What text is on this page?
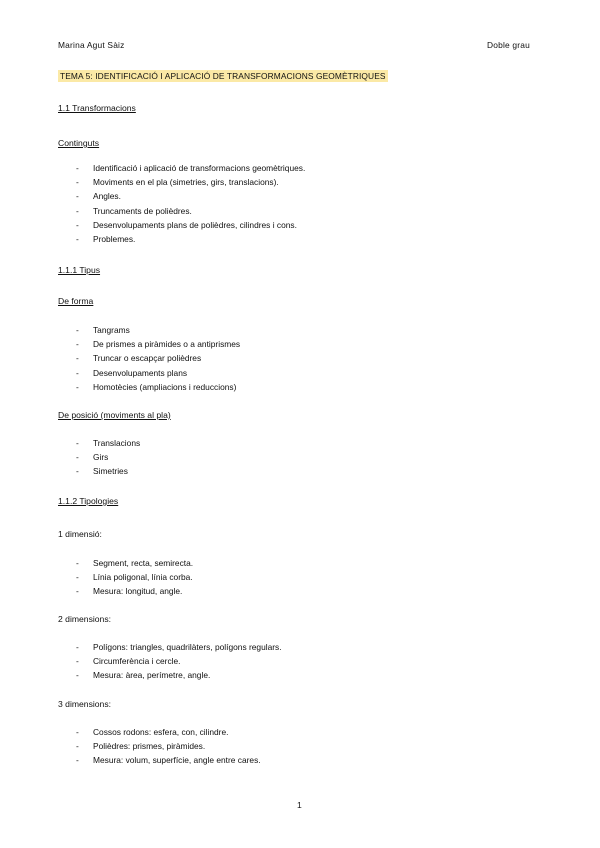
Marina Agut Sàiz	Doble grau
TEMA 5: IDENTIFICACIÓ I APLICACIÓ DE TRANSFORMACIONS GEOMÈTRIQUES
1.1 Transformacions
Continguts
- Identificació i aplicació de transformacions geomètriques.
- Moviments en el pla (simetries, girs, translacions).
- Angles.
- Truncaments de polièdres.
- Desenvolupaments plans de polièdres, cilindres i cons.
- Problemes.
1.1.1 Tipus
De forma
- Tangrams
- De prismes a piràmides o a antiprismes
- Truncar o escapçar polièdres
- Desenvolupaments plans
- Homotècies (ampliacions i reduccions)
De posició (moviments al pla)
- Translacions
- Girs
- Simetries
1.1.2 Tipologies
1 dimensió:
- Segment, recta, semirecta.
- Línia poligonal, línia corba.
- Mesura: longitud, angle.
2 dimensions:
- Polígons: triangles, quadrilàters, polígons regulars.
- Circumferència i cercle.
- Mesura: àrea, perímetre, angle.
3 dimensions:
- Cossos rodons: esfera, con, cilindre.
- Polièdres: prismes, piràmides.
- Mesura: volum, superfície, angle entre cares.
1
